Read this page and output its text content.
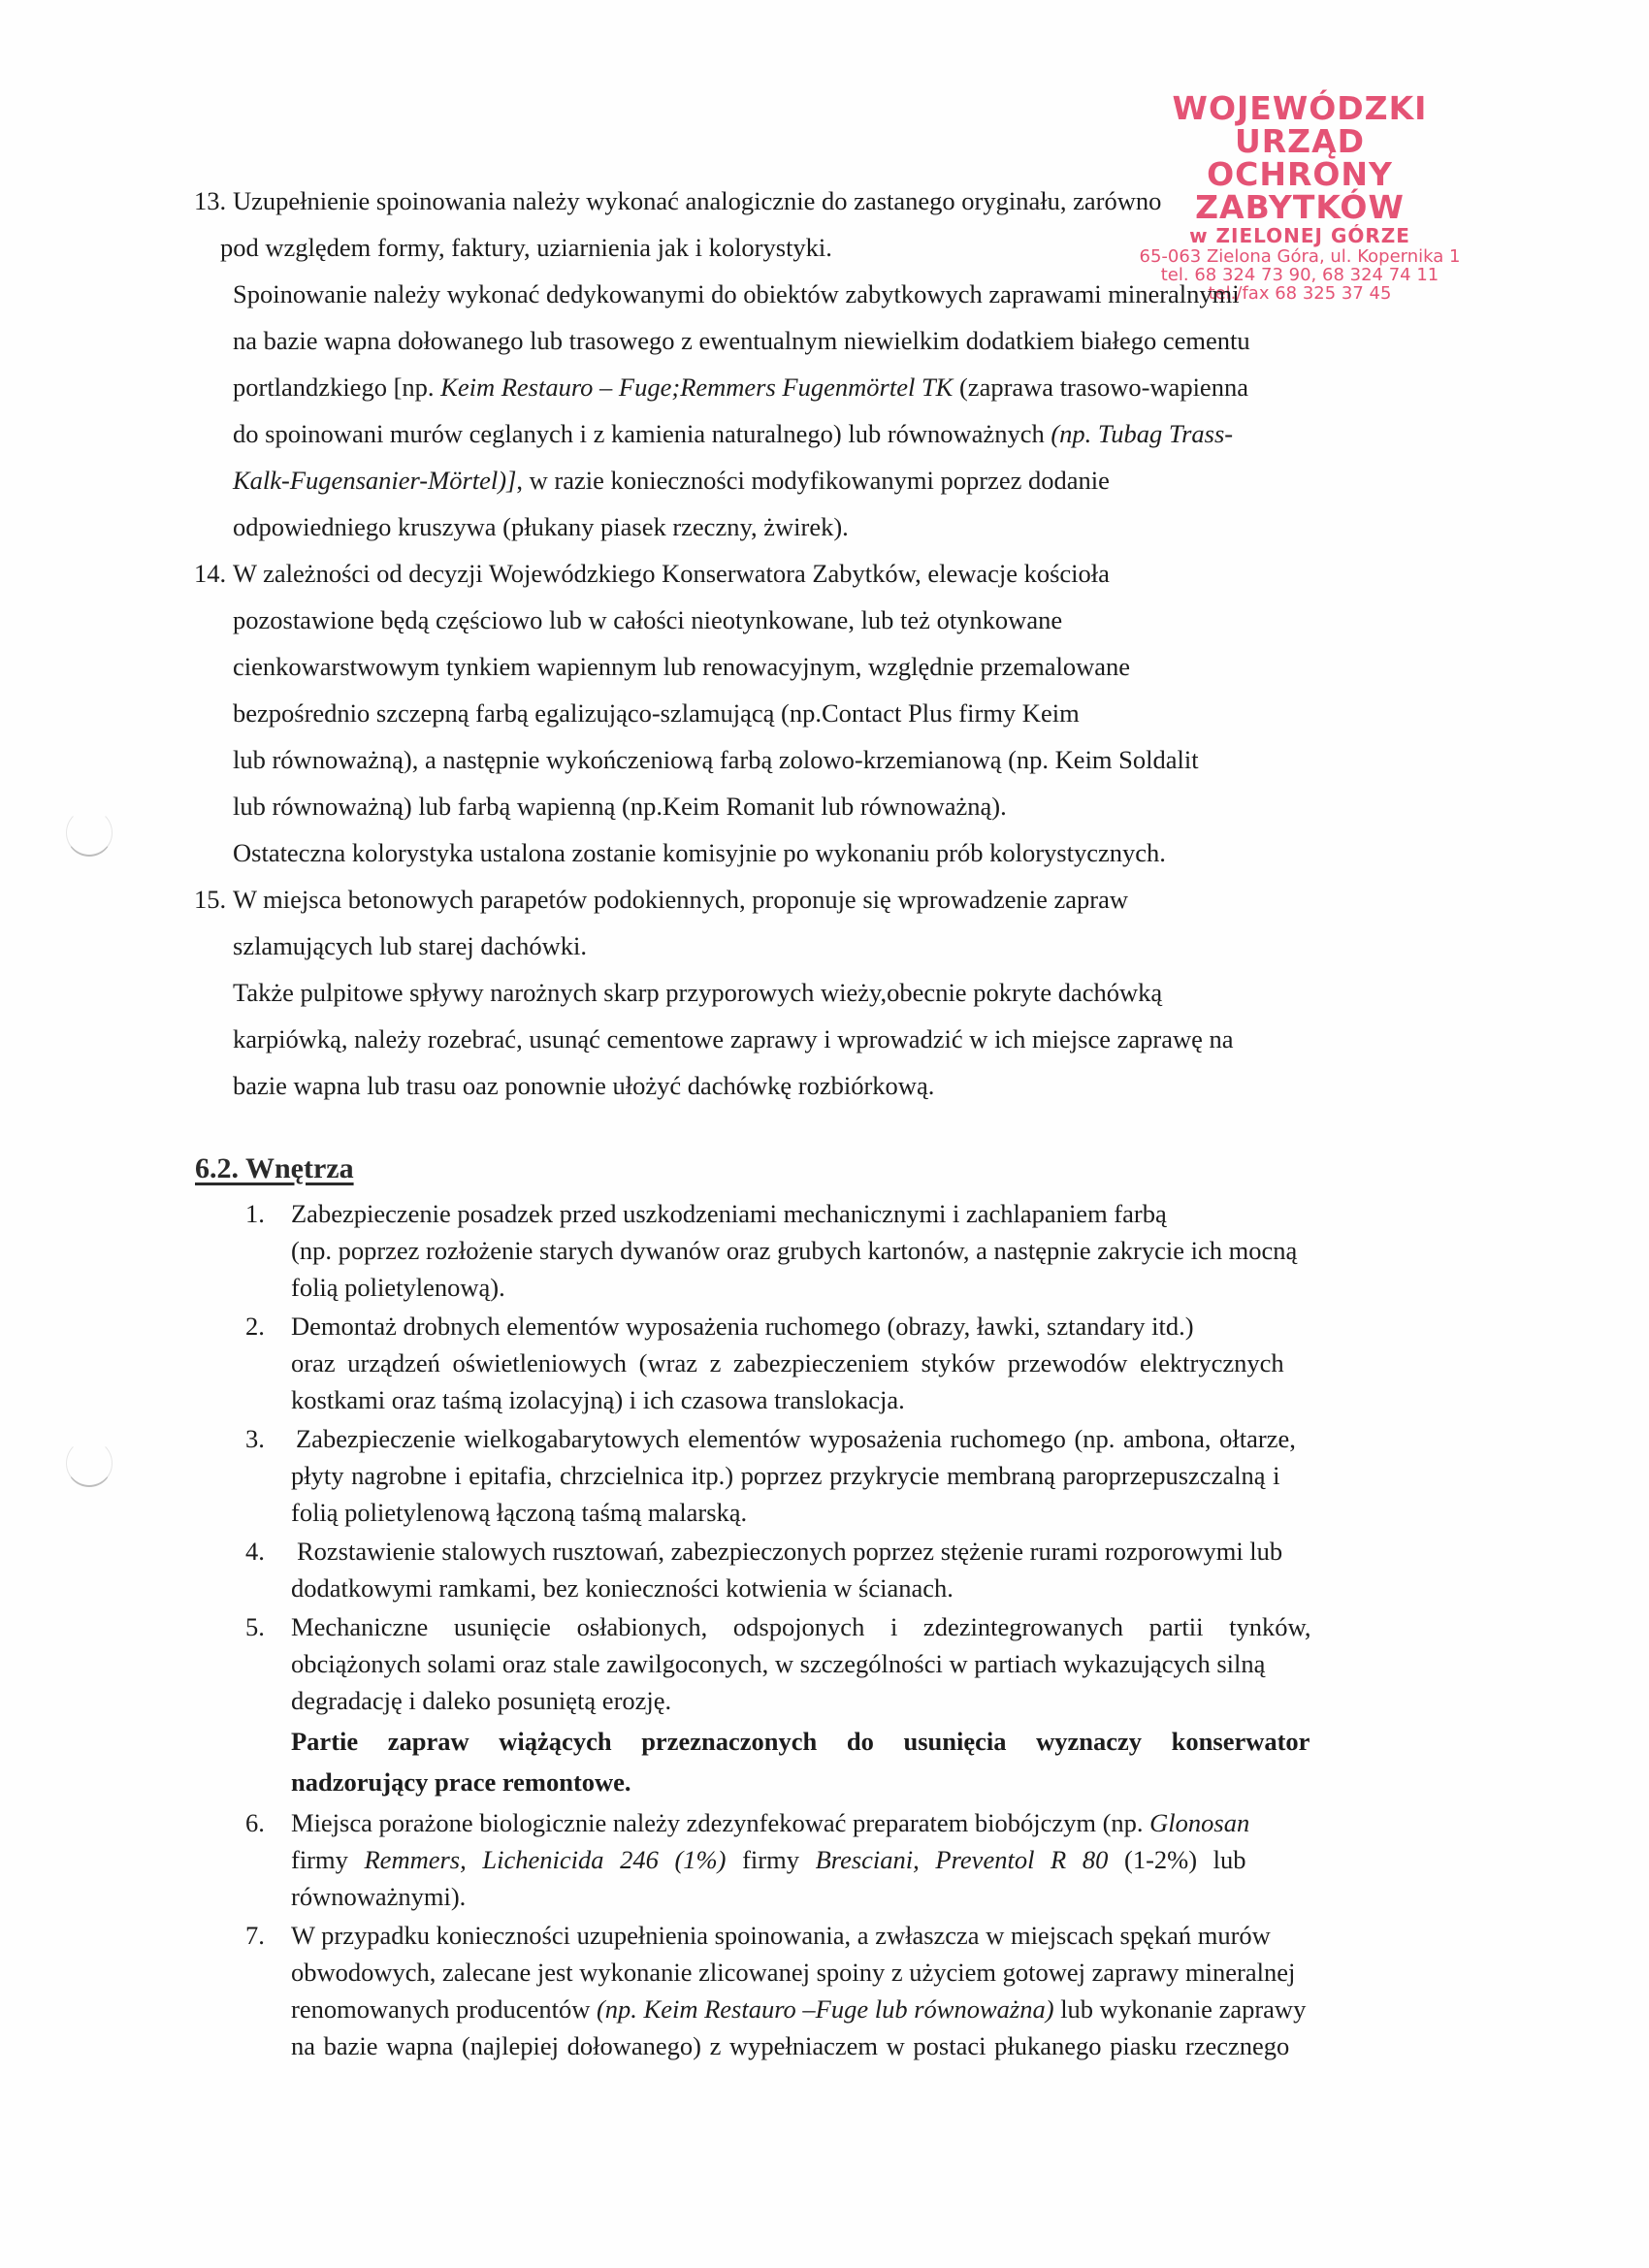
WOJEWÓDZKI URZĄD
OCHRONY ZABYTKÓW
w ZIELONEJ GÓRZE
65-063 Zielona Góra, ul. Kopernika 1
tel. 68 324 73 90, 68 324 74 11
tel./fax 68 325 37 45
13. Uzupełnienie spoinowania należy wykonać analogicznie do zastanego oryginału, zarówno
pod względem formy, faktury, uziarnienia jak i kolorystyki.
Spoinowanie należy wykonać dedykowanymi do obiektów zabytkowych zaprawami mineralnymi
na bazie wapna dołowanego lub trasowego z ewentualnym niewielkim dodatkiem białego cementu
portlandzkiego [np. Keim Restauro – Fuge;Remmers Fugenmörtel TK (zaprawa trasowo-wapienna
do spoinowani murów ceglanych i z kamienia naturalnego) lub równoważnych (np. Tubag Trass-
Kalk-Fugensanier-Mörtel)], w razie konieczności modyfikowanymi poprzez dodanie
odpowiedniego kruszywa (płukany piasek rzeczny, żwirek).
14. W zależności od decyzji Wojewódzkiego Konserwatora Zabytków, elewacje kościoła
pozostawione będą częściowo lub w całości nieotynkowane, lub też otynkowane
cienkowarstwowym tynkiem wapiennym lub renowacyjnym, względnie przemalowane
bezpośrednio szczepną farbą egalizująco-szlamującą (np.Contact Plus firmy Keim
lub równoważną), a następnie wykończeniową farbą zolowo-krzemianową (np. Keim Soldalit
lub równoważną) lub farbą wapienną (np.Keim Romanit lub równoważną).
Ostateczna kolorystyka ustalona zostanie komisyjnie po wykonaniu prób kolorystycznych.
15. W miejsca betonowych parapetów podokiennych, proponuje się wprowadzenie zapraw
szlamujących lub starej dachówki.
Także pulpitowe spływy narożnych skarp przyporowych wieży,obecnie pokryte dachówką
karpiówką, należy rozebrać, usunąć cementowe zaprawy i wprowadzić w ich miejsce zaprawę na
bazie wapna lub trasu oaz ponownie ułożyć dachówkę rozbiórkową.
6.2. Wnętrza
1. Zabezpieczenie posadzek przed uszkodzeniami mechanicznymi i zachlapaniem farbą
(np. poprzez rozłożenie starych dywanów oraz grubych kartonów, a następnie zakrycie ich mocną
folią polietylenową).
2. Demontaż drobnych elementów wyposażenia ruchomego (obrazy, ławki, sztandary itd.)
oraz urządzeń oświetleniowych (wraz z zabezpieczeniem styków przewodów elektrycznych
kostkami oraz taśmą izolacyjną) i ich czasowa translokacja.
3. Zabezpieczenie wielkogabarytowych elementów wyposażenia ruchomego (np. ambona, ołtarze,
płyty nagrobne i epitafia, chrzcielnica itp.) poprzez przykrycie membraną paroprzepuszczalną i
folią polietylenową łączoną taśmą malarską.
4. Rozstawienie stalowych rusztowań, zabezpieczonych poprzez stężenie rurami rozporowymi lub
dodatkowymi ramkami, bez konieczności kotwienia w ścianach.
5. Mechaniczne usunięcie osłabionych, odspojonych i zdezintegrowanych partii tynków,
obciążonych solami oraz stale zawilgoconych, w szczególności w partiach wykazujących silną
degradację i daleko posuniętą erozję.
Partie zapraw wiążących przeznaczonych do usunięcia wyznaczy konserwator
nadzorujący prace remontowe.
6. Miejsca porażone biologicznie należy zdezynfekować preparatem biobójczym (np. Glonosan
firmy Remmers, Lichenicida 246 (1%) firmy Bresciani, Preventol R 80 (1-2%) lub
równoważnymi).
7. W przypadku konieczności uzupełnienia spoinowania, a zwłaszcza w miejscach spękań murów
obwodowych, zalecane jest wykonanie zlicowanej spoiny z użyciem gotowej zaprawy mineralnej
renomowanych producentów (np. Keim Restauro –Fuge lub równoważna) lub wykonanie zaprawy
na bazie wapna (najlepiej dołowanego) z wypełniaczem w postaci płukanego piasku rzecznego
